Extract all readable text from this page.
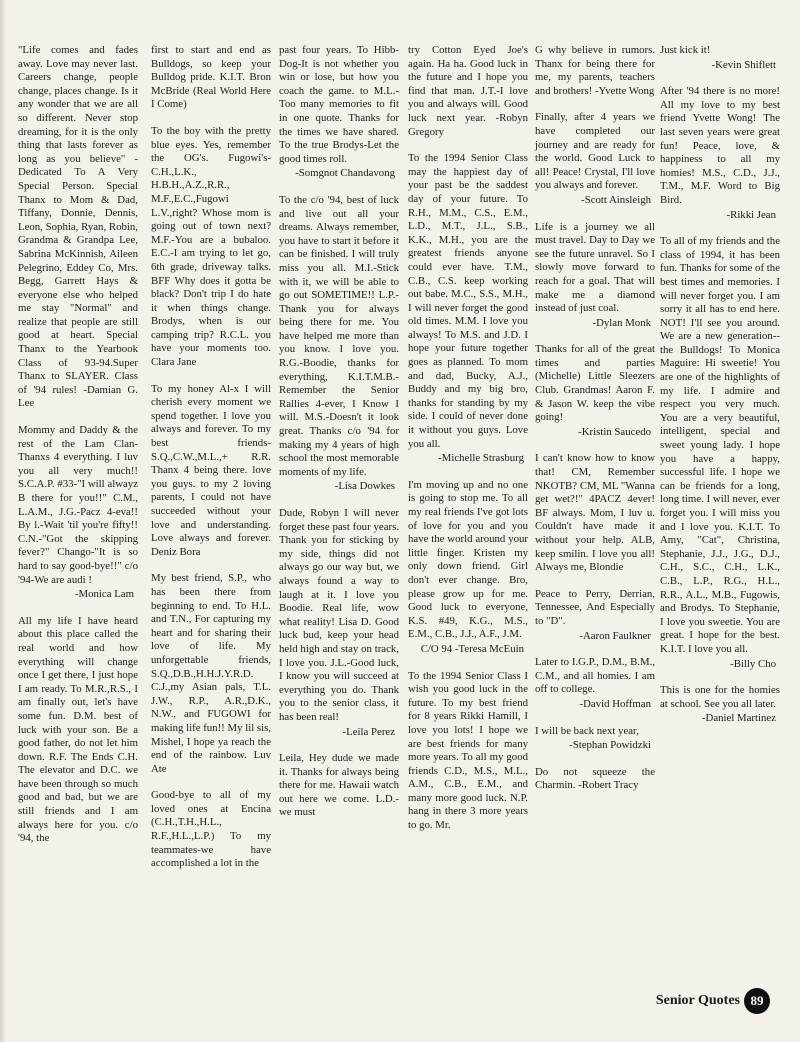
"Life comes and fades away. Love may never last. Careers change, people change, places change. Is it any wonder that we are all so different. Never stop dreaming, for it is the only thing that lasts forever as long as you believe" -Dedicated To A Very Special Person. Special Thanx to Mom & Dad, Tiffany, Donnie, Dennis, Leon, Sophia, Ryan, Robin, Grandma & Grandpa Lee, Sabrina McKinnish, Aileen Pelegrino, Eddey Co, Mrs. Begg, Garrett Hays & everyone else who helped me stay "Normal" and realize that people are still good at heart. Special Thanx to the Yearbook Class of 93-94.Super Thanx to SLAYER. Class of '94 rules! -Damian G. Lee

Mommy and Daddy & the rest of the Lam Clan-Thanxs 4 everything. I luv you all very much!! S.C.A.P. #33-"I will alwayz B there for you!!" C.M., L.A.M., J.G.-Pacz 4-eva!! By l.-Wait 'til you're fifty!! C.N.-"Got the skipping fever?" Chango-"It is so hard to say good-bye!!" c/o '94-We are audi !

-Monica Lam

All my life I have heard about this place called the real world and how everything will change once I get there, I just hope I am ready. To M.R.,R.S., I am finally out, let's have some fun. D.M. best of luck with your son. Be a good father, do not let him down. R.F. The Ends C.H. The elevator and D.C. we have been through so much good and bad, but we are still friends and I am always here for you. c/o '94, the

first to start and end as Bulldogs, so keep your Bulldog pride. K.I.T. Bron McBride (Real World Here I Come)

To the boy with the pretty blue eyes. Yes, remember the OG's. Fugowi's-C.H.,L.K., H.B.H.,A.Z.,R.R., M.F.,E.C.,Fugowi L.V.,right? Whose mom is going out of town next? M.F.-You are a bubaloo. E.C.-I am trying to let go, 6th grade, driveway talks. BFF Why does it gotta be black? Don't trip I do hate it when things change. Brodys, when is our camping trip? R.C.L. you have your moments too. Clara Jane

To my honey Al-x I will cherish every moment we spend together. I love you always and forever. To my best friends-S.Q.,C.W.,M.L.,+ R.R. Thanx 4 being there. love you guys. to my 2 loving parents, I could not have succeeded without your love and understanding. Love always and forever. Deniz Bora

My best friend, S.P., who has been there from beginning to end. To H.L. and T.N., For capturing my heart and for sharing their love of life. My unforgettable friends, S.Q.,D.B.,H.H.J.Y.R.D. C.J.,my Asian pals, T.L. J.W., R.P., A.R.,D.K., N.W., and FUGOWI for making life fun!! My lil sis, Mishel, I hope ya reach the end of the rainbow. Luv Ate

Good-bye to all of my loved ones at Encina (C.H.,T.H.,H.L., R.F.,H.L.,L.P.) To my teammates-we have accomplished a lot in the

past four years. To Hibb-Dog-It is not whether you win or lose, but how you coach the game. to M.L.-Too many memories to fit in one quote. Thanks for the times we have shared. To the true Brodys-Let the good times roll.

-Somgnot Chandavong

To the c/o '94, best of luck and live out all your dreams. Always remember, you have to start it before it can be finished. I will truly miss you all. M.I.-Stick with it, we will be able to go out SOMETIME!! L.P.-Thank you for always being there for me. You have helped me more than you know. I love you. R.G.-Boodie, thanks for everything, K.I.T.M.B.-Remember the Senior Rallies 4-ever, I Know I will. M.S.-Doesn't it look great. Thanks c/o '94 for making my 4 years of high school the most memorable moments of my life.

-Lisa Dowkes

Dude, Robyn I will never forget these past four years. Thank you for sticking by my side, things did not always go our way but, we always found a way to laugh at it. I love you Boodie. Real life, wow what reality! Lisa D. Good luck bud, keep your head held high and stay on track, I love you. J.L.-Good luck, I know you will succeed at everything you do. Thank you to the senior class, it has been real!

-Leila Perez

Leila, Hey dude we made it. Thanks for always being there for me. Hawaii watch out here we come. L.D.- we must

try Cotton Eyed Joe's again. Ha ha. Good luck in the future and I hope you find that man. J.T.-I love you and always will. Good luck next year. -Robyn Gregory

To the 1994 Senior Class may the happiest day of your past be the saddest day of your future. To R.H., M.M., C.S., E.M., L.D., M.T., J.L., S.B., K.K., M.H., you are the greatest friends anyone could ever have. T.M., C.B., C.S. keep working out babe. M.C., S.S., M.H., I will never forget the good old times. M.M. I love you always! To M.S. and J.D. I hope your future together goes as planned. To mom and dad, Bucky, A.J., Buddy and my big bro, thanks for standing by my side. I could of never done it without you guys. Love you all.

-Michelle Strasburg

I'm moving up and no one is going to stop me. To all my real friends I've got lots of love for you and you have the world around your little finger. Kristen my only down friend. Girl don't ever change. Bro, please grow up for me. Good luck to everyone, K.S. #49, K.G., M.S., E.M., C.B., J.J., A.F., J.M.

C/O 94 -Teresa McEuin

To the 1994 Senior Class I wish you good luck in the future. To my best friend for 8 years Rikki Hamill, I love you lots! I hope we are best friends for many more years. To all my good friends C.D., M.S., M.L., A.M., C.B., E.M., and many more good luck. N.P. hang in there 3 more years to go. Mr.

G why believe in rumors. Thanx for being there for me, my parents, teachers and brothers! -Yvette Wong

Finally, after 4 years we have completed our journey and are ready for the world. Good Luck to all! Peace! Crystal, I'll love you always and forever.

-Scott Ainsleigh

Life is a journey we all must travel. Day to Day we see the future unravel. So I slowly move forward to reach for a goal. That will make me a diamond instead of just coal.

-Dylan Monk

Thanks for all of the great times and parties (Michelle) Little Sleezers Club. Grandmas! Aaron F. & Jason W. keep the vibe going!

-Kristin Saucedo

I can't know how to know that! CM, Remember NKOTB? CM, ML "Wanna get wet?!" 4PACZ 4ever! BF always. Mom, I luv u. Couldn't have made it without your help. ALB, keep smilin. I love you all! Always me, Blondie

Peace to Perry, Derrian, Tennessee, And Especially to "D".

-Aaron Faulkner

Later to I.G.P., D.M., B.M., C.M., and all homies. I am off to college.

-David Hoffman

I will be back next year,

-Stephan Powidzki

Do not squeeze the Charmin. -Robert Tracy

Just kick it!

-Kevin Shiflett

After '94 there is no more! All my love to my best friend Yvette Wong! The last seven years were great fun! Peace, love, & happiness to all my homies! M.S., C.D., J.J., T.M., M.F. Word to Big Bird.

-Rikki Jean

To all of my friends and the class of 1994, it has been fun. Thanks for some of the best times and memories. I will never forget you. I am sorry it all has to end here. NOT! I'll see you around. We are a new generation--the Bulldogs! To Monica Maguire: Hi sweetie! You are one of the highlights of my life. I admire and respect you very much. You are a very beautiful, intelligent, special and sweet young lady. I hope you have a happy, successful life. I hope we can be friends for a long, long time. I will never, ever forget you. I will miss you and I love you. K.I.T. To Amy, "Cat", Christina, Stephanie, J.J., J.G., D.J., C.H., S.C., C.H., L.K., C.B., L.P., R.G., H.L., R.R., A.L., M.B., Fugowis, and Brodys. To Stephanie, I love you sweetie. You are great. I hope for the best. K.I.T. I love you all.

-Billy Cho

This is one for the homies at school. See you all later.

-Daniel Martinez

Senior Quotes 89
